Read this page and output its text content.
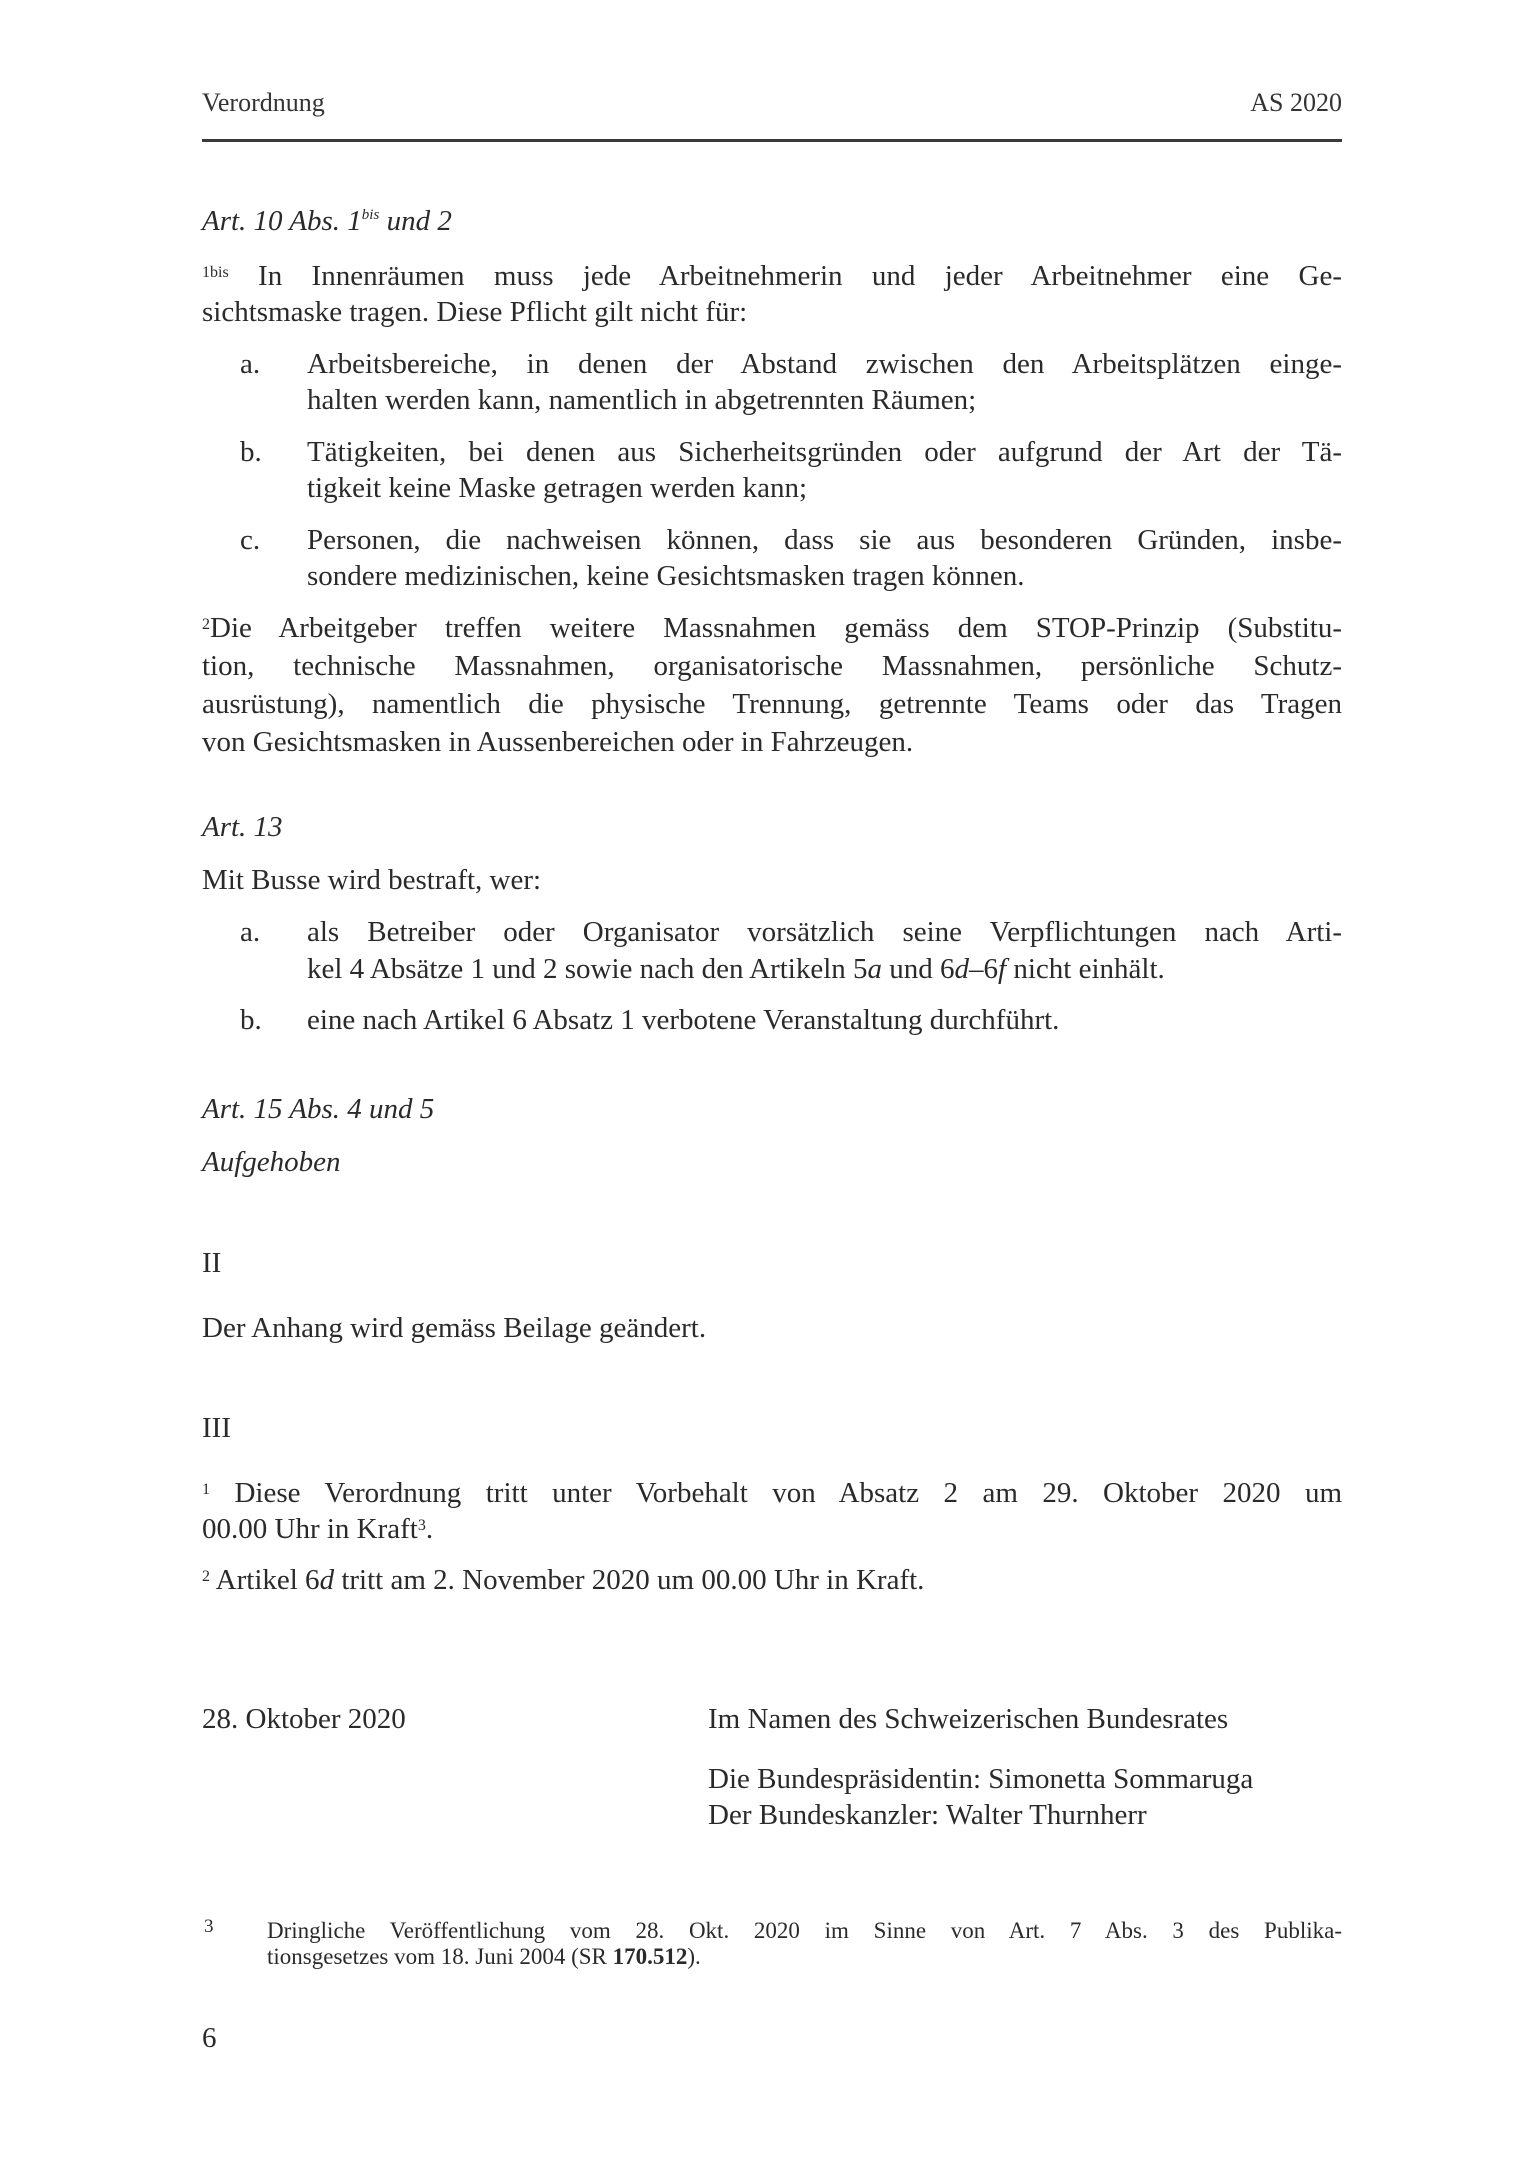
Verordnung	AS 2020
Art. 10 Abs. $1^{bis}$ und 2
$^{1bis}$ In Innenräumen muss jede Arbeitnehmerin und jeder Arbeitnehmer eine Ge-
sichtsmaske tragen. Diese Pflicht gilt nicht für:
a. Arbeitsbereiche, in denen der Abstand zwischen den Arbeitsplätzen einge-
halten werden kann, namentlich in abgetrennten Räumen;
b. Tätigkeiten, bei denen aus Sicherheitsgründen oder aufgrund der Art der Tä-
tigkeit keine Maske getragen werden kann;
c. Personen, die nachweisen können, dass sie aus besonderen Gründen, insbe-
sondere medizinischen, keine Gesichtsmasken tragen können.
$^2$Die Arbeitgeber treffen weitere Massnahmen gemäss dem STOP-Prinzip (Substitu-
tion, technische Massnahmen, organisatorische Massnahmen, persönliche Schutz-
ausrüstung), namentlich die physische Trennung, getrennte Teams oder das Tragen
von Gesichtsmasken in Aussenbereichen oder in Fahrzeugen.
Art. 13
Mit Busse wird bestraft, wer:
a. als Betreiber oder Organisator vorsätzlich seine Verpflichtungen nach Arti-
kel 4 Absätze 1 und 2 sowie nach den Artikeln 5a und 6d–6f nicht einhält.
b. eine nach Artikel 6 Absatz 1 verbotene Veranstaltung durchführt.
Art. 15 Abs. 4 und 5
Aufgehoben
II
Der Anhang wird gemäss Beilage geändert.
III
$^1$ Diese Verordnung tritt unter Vorbehalt von Absatz 2 am 29. Oktober 2020 um
00.00 Uhr in Kraft$^3$.
$^2$ Artikel 6d tritt am 2. November 2020 um 00.00 Uhr in Kraft.
28. Oktober 2020	Im Namen des Schweizerischen Bundesrates
Die Bundespräsidentin: Simonetta Sommaruga
Der Bundeskanzler: Walter Thurnherr
3 Dringliche Veröffentlichung vom 28. Okt. 2020 im Sinne von Art. 7 Abs. 3 des Publika-
tionsgesetzes vom 18. Juni 2004 (SR 170.512).
6
